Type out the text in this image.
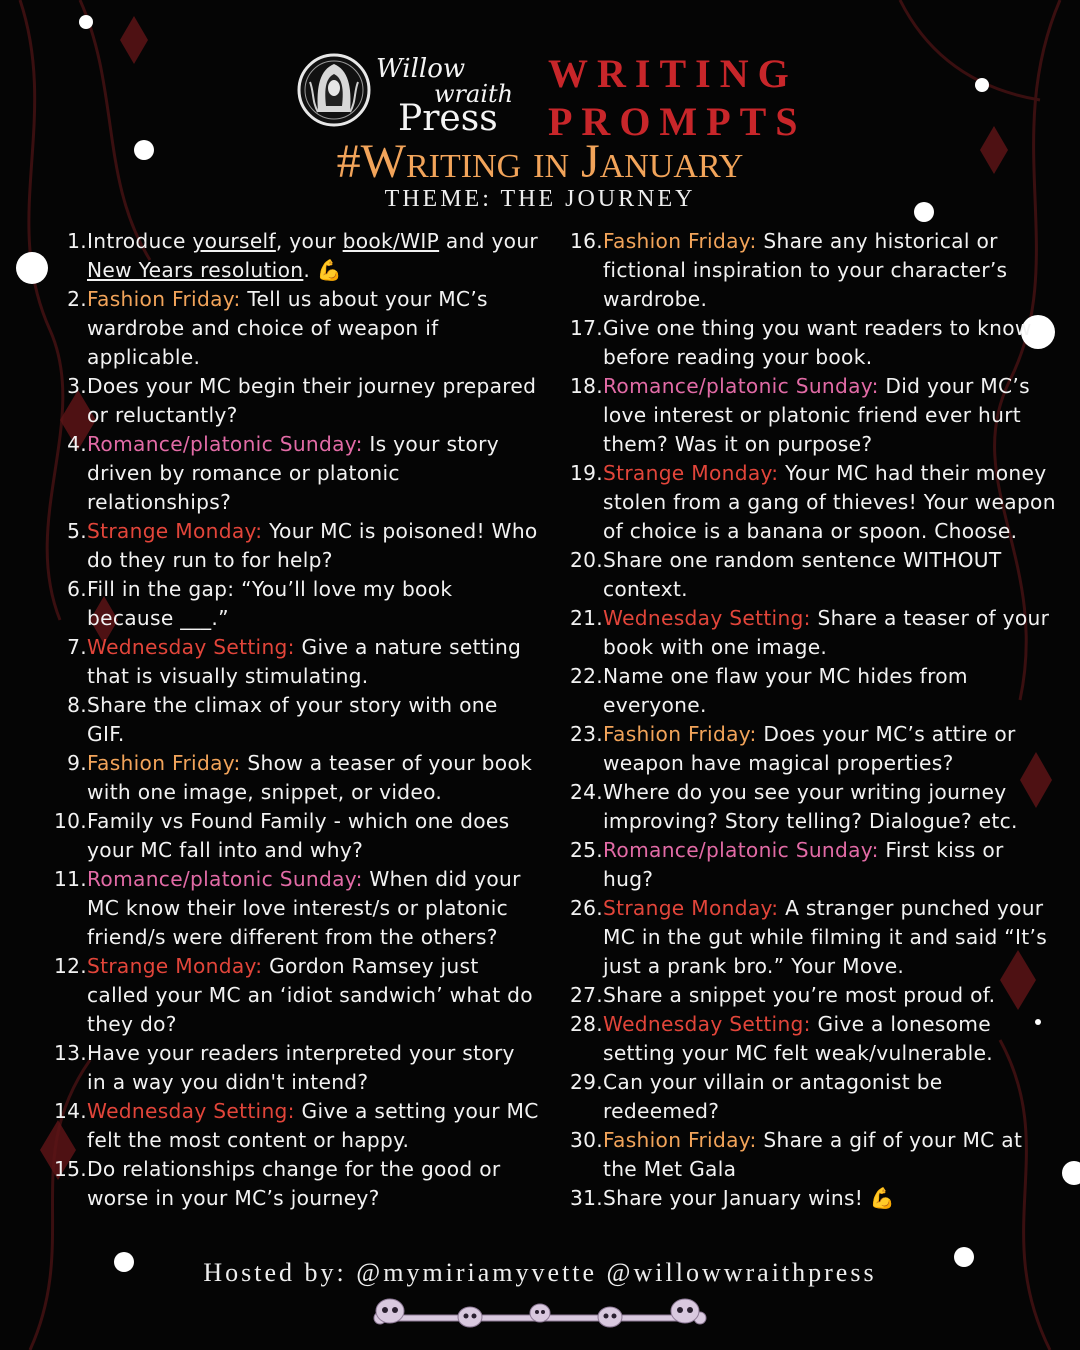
Willow
wraith
Press
WRITING
PROMPTS
#Writing in January
THEME: THE JOURNEY
1. Introduce yourself, your book/WIP and your New Years resolution. 💪
2. Fashion Friday: Tell us about your MC’s wardrobe and choice of weapon if applicable.
3. Does your MC begin their journey prepared or reluctantly?
4. Romance/platonic Sunday: Is your story driven by romance or platonic relationships?
5. Strange Monday: Your MC is poisoned! Who do they run to for help?
6. Fill in the gap: “You’ll love my book because ___.”
7. Wednesday Setting: Give a nature setting that is visually stimulating.
8. Share the climax of your story with one GIF.
9. Fashion Friday: Show a teaser of your book with one image, snippet, or video.
10. Family vs Found Family - which one does your MC fall into and why?
11. Romance/platonic Sunday: When did your MC know their love interest/s or platonic friend/s were different from the others?
12. Strange Monday: Gordon Ramsey just called your MC an ‘idiot sandwich’ what do they do?
13. Have your readers interpreted your story in a way you didn't intend?
14. Wednesday Setting: Give a setting your MC felt the most content or happy.
15. Do relationships change for the good or worse in your MC’s journey?
16. Fashion Friday: Share any historical or fictional inspiration to your character’s wardrobe.
17. Give one thing you want readers to know before reading your book.
18. Romance/platonic Sunday: Did your MC’s love interest or platonic friend ever hurt them? Was it on purpose?
19. Strange Monday: Your MC had their money stolen from a gang of thieves! Your weapon of choice is a banana or spoon. Choose.
20. Share one random sentence WITHOUT context.
21. Wednesday Setting: Share a teaser of your book with one image.
22. Name one flaw your MC hides from everyone.
23. Fashion Friday: Does your MC’s attire or weapon have magical properties?
24. Where do you see your writing journey improving? Story telling? Dialogue? etc.
25. Romance/platonic Sunday: First kiss or hug?
26. Strange Monday: A stranger punched your MC in the gut while filming it and said “It’s just a prank bro.” Your Move.
27. Share a snippet you’re most proud of.
28. Wednesday Setting: Give a lonesome setting your MC felt weak/vulnerable.
29. Can your villain or antagonist be redeemed?
30. Fashion Friday: Share a gif of your MC at the Met Gala
31. Share your January wins! 💪
Hosted by: @mymiriamyvette @willowwraithpress
